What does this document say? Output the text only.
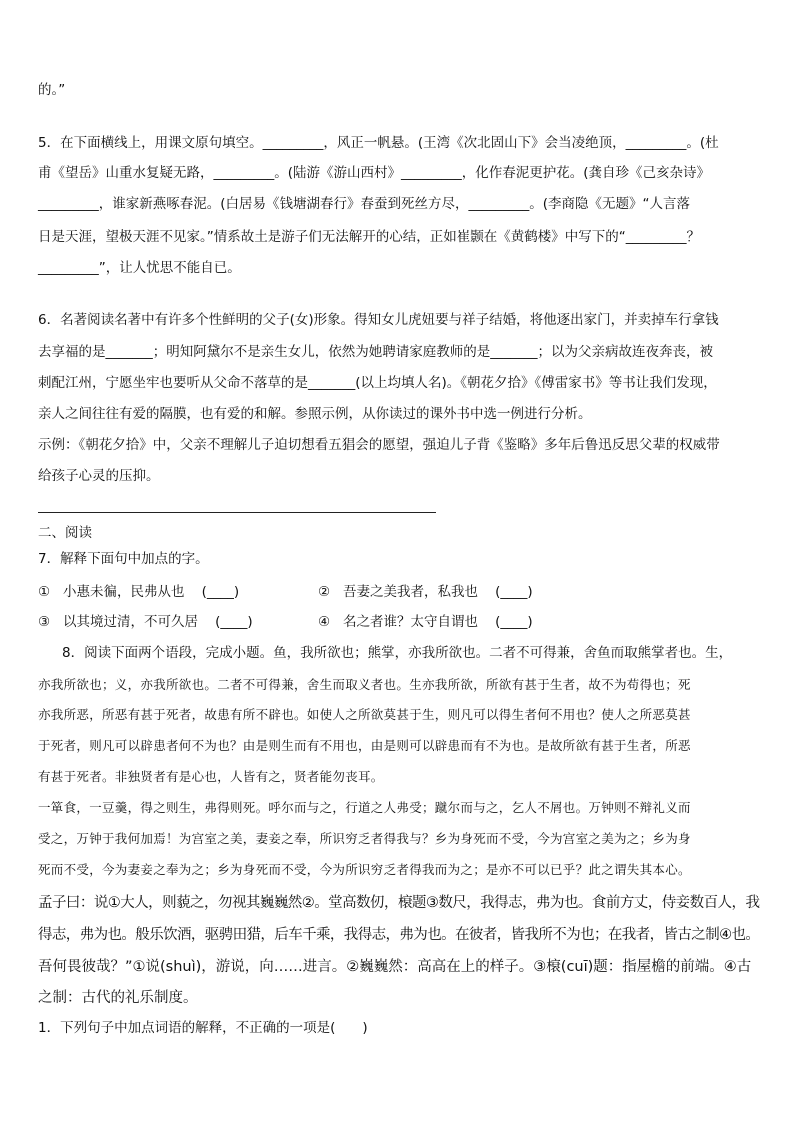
的。”
5．在下面横线上，用课文原句填空。_________，风正一帆悬。(王湾《次北固山下》会当凌绝顶，_________。(杜
甫《望岳》山重水复疑无路，_________。(陆游《游山西村》_________，化作春泥更护花。(龚自珍《己亥杂诗》
_________，谁家新燕啄春泥。(白居易《钱塘湖春行》春蚕到死丝方尽，_________。(李商隐《无题》“人言落
日是天涯，望极天涯不见家。”情系故土是游子们无法解开的心结，正如崔颢在《黄鹤楼》中写下的“_________？
_________”，让人忧思不能自已。
6．名著阅读名著中有许多个性鲜明的父子(女)形象。得知女儿虎妞要与祥子结婚，将他逐出家门，并卖掉车行拿钱
去享福的是_______；明知阿黛尔不是亲生女儿，依然为她聘请家庭教师的是_______；以为父亲病故连夜奔丧，被
刺配江州，宁愿坐牢也要听从父命不落草的是_______(以上均填人名)。《朝花夕拾》《傅雷家书》等书让我们发现，
亲人之间往往有爱的隔膜，也有爱的和解。参照示例，从你读过的课外书中选一例进行分析。
示例：《朝花夕拾》中，父亲不理解儿子迫切想看五猖会的愿望，强迫儿子背《鉴略》多年后鲁迅反思父辈的权威带
给孩子心灵的压抑。
二、阅读
7．解释下面句中加点的字。
① 小惠未徧，民弗从也 (____)	② 吾妻之美我者，私我也 (____)
③ 以其境过清，不可久居 (____)	④ 名之者谁？太守自谓也 (____)
8．阅读下面两个语段，完成小题。鱼，我所欲也；熊掌，亦我所欲也。二者不可得兼，舍鱼而取熊掌者也。生，
亦我所欲也；义，亦我所欲也。二者不可得兼，舍生而取义者也。生亦我所欲，所欲有甚于生者，故不为苟得也；死
亦我所恶，所恶有甚于死者，故患有所不辟也。如使人之所欲莫甚于生，则凡可以得生者何不用也？使人之所恶莫甚
于死者，则凡可以辟患者何不为也？由是则生而有不用也，由是则可以辟患而有不为也。是故所欲有甚于生者，所恶
有甚于死者。非独贤者有是心也，人皆有之，贤者能勿丧耳。
一箪食，一豆羹，得之则生，弗得则死。呼尔而与之，行道之人弗受；蹴尔而与之，乞人不屑也。万钟则不辩礼义而
受之，万钟于我何加焉！为宫室之美，妻妾之奉，所识穷乏者得我与？乡为身死而不受，今为宫室之美为之；乡为身
死而不受，今为妻妾之奉为之；乡为身死而不受，今为所识穷乏者得我而为之；是亦不可以已乎？此之谓失其本心。
孟子曰：说①大人，则藐之，勿视其巍巍然②。堂高数仞，榱题③数尺，我得志，弗为也。食前方丈，侍妾数百人，我
得志，弗为也。般乐饮酒，驱骋田猎，后车千乘，我得志，弗为也。在彼者，皆我所不为也；在我者，皆古之制④也。
吾何畏彼哉？”①说(shuì)，游说，向……进言。②巍巍然：高高在上的样子。③榱(cuī)题：指屋檐的前端。④古
之制：古代的礼乐制度。
1．下列句子中加点词语的解释，不正确的一项是(　　)
